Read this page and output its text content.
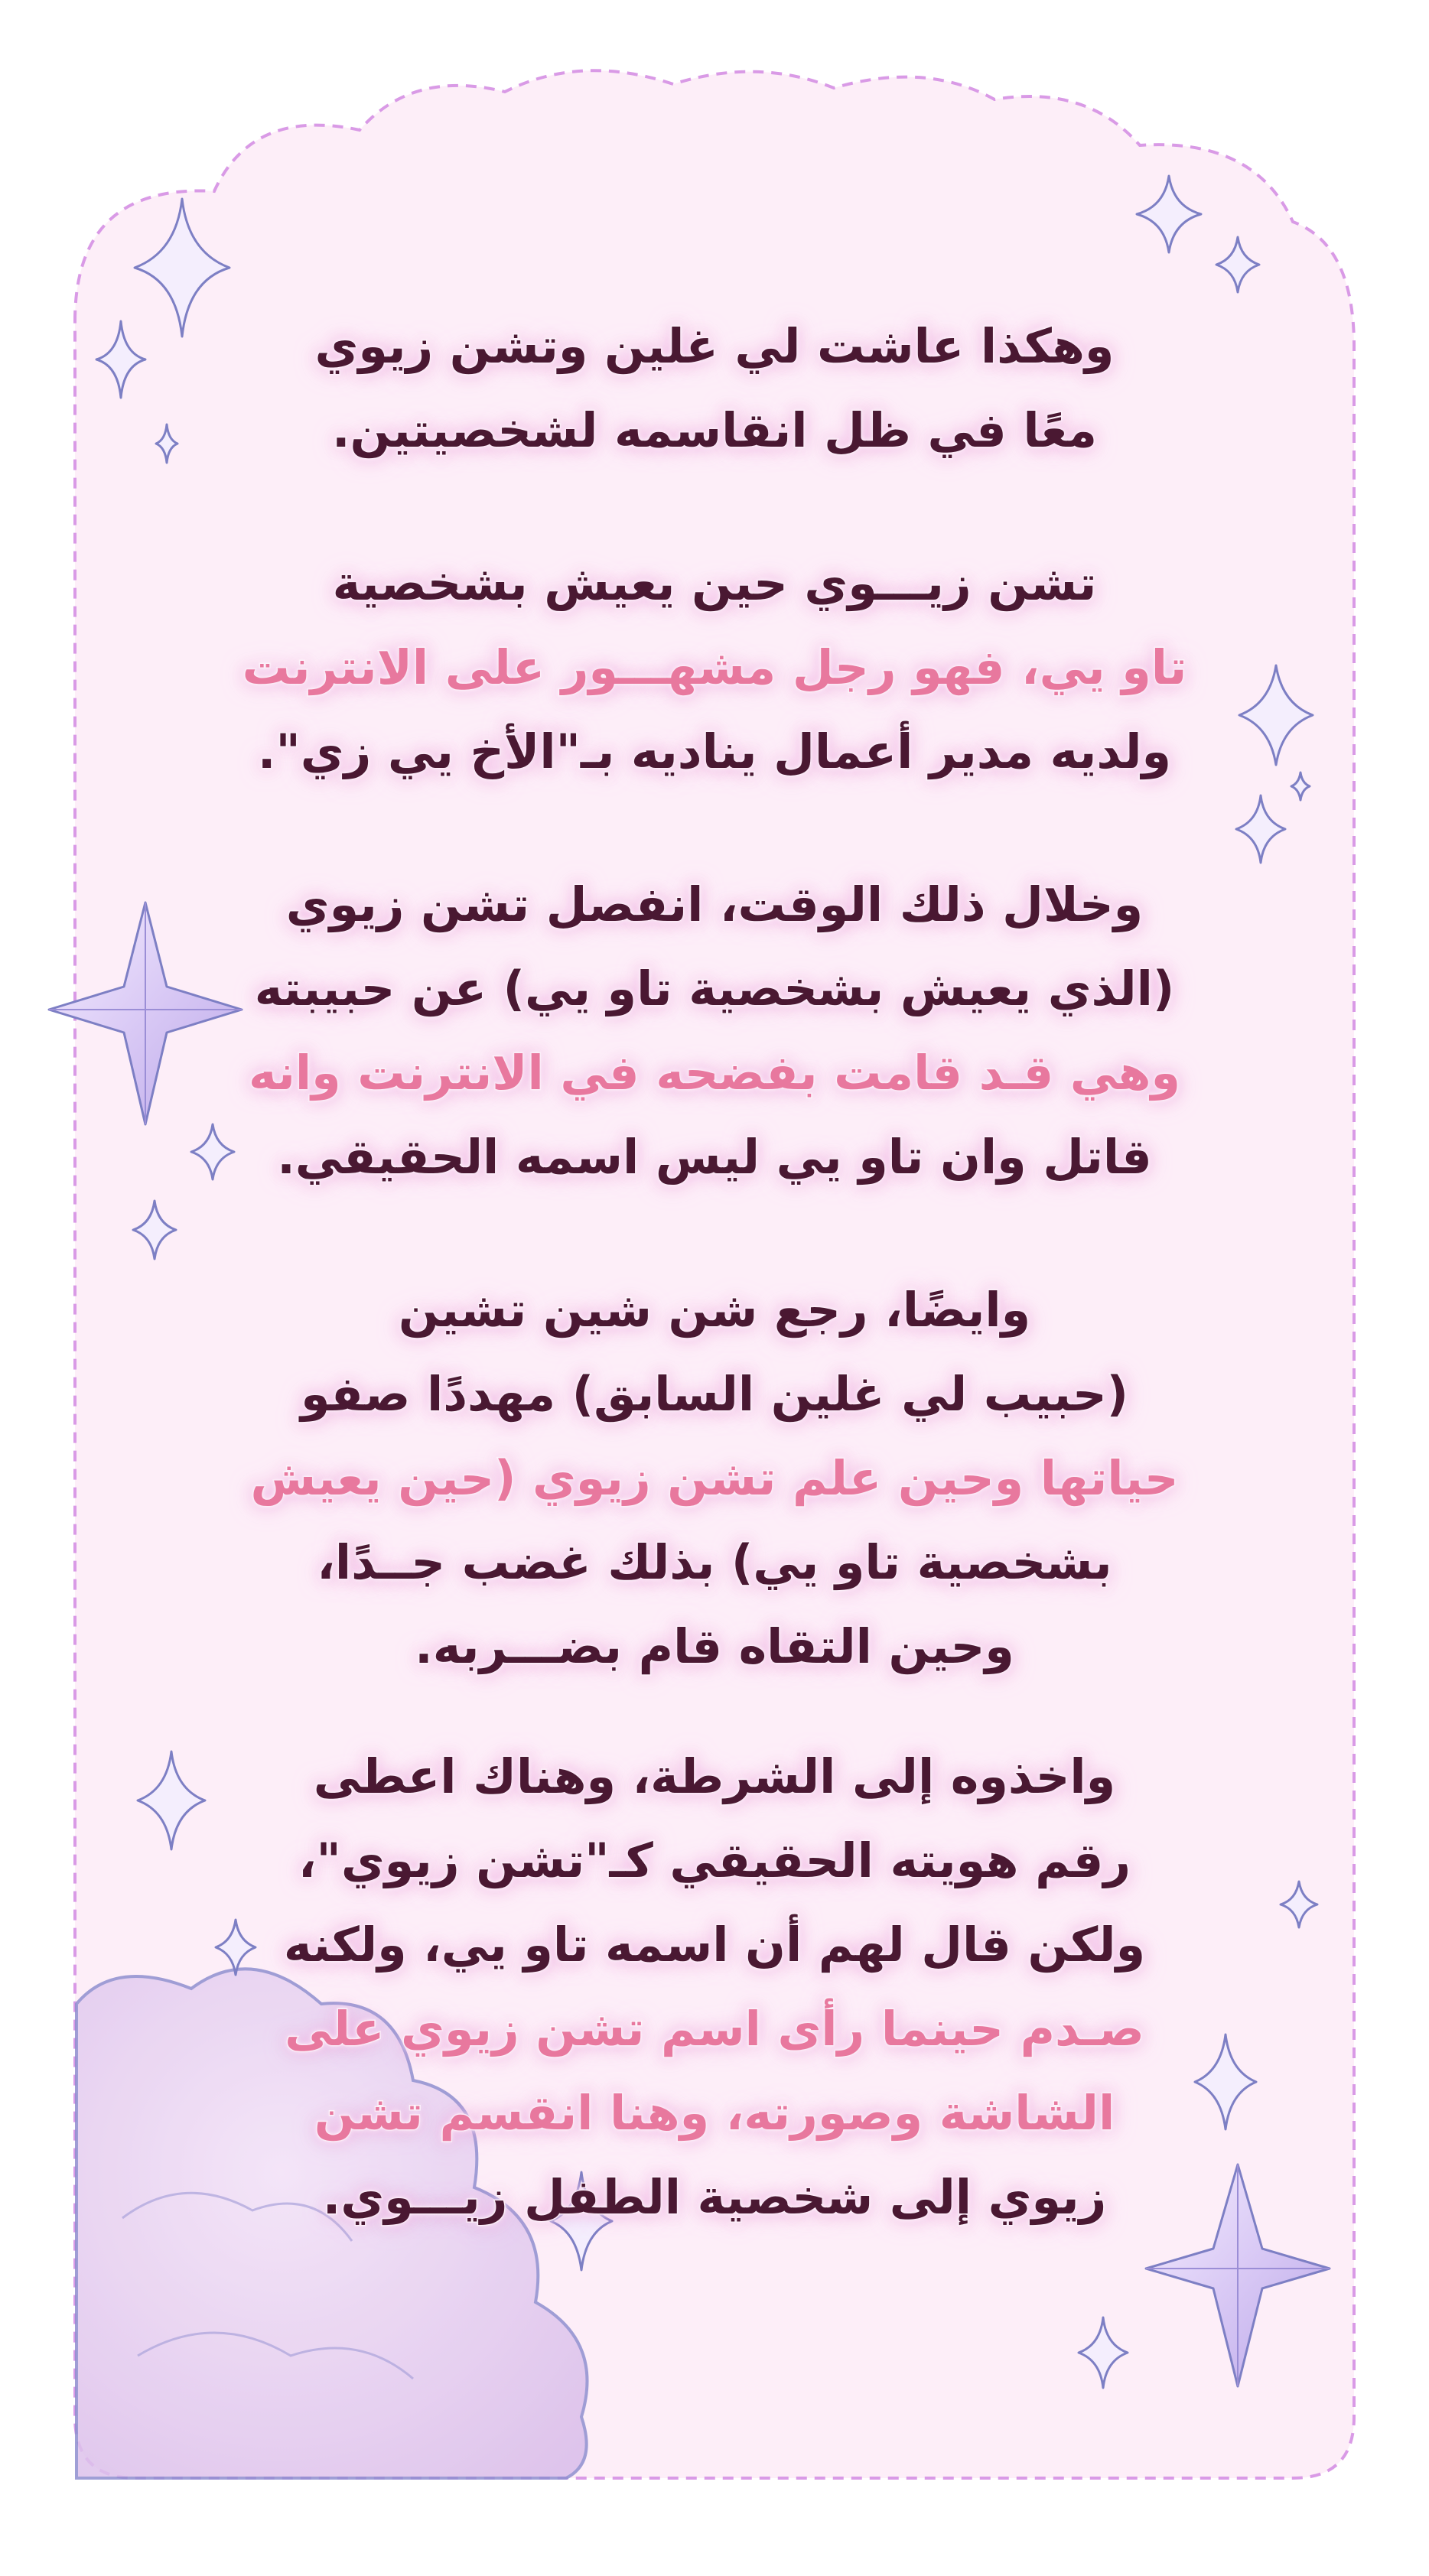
وهكذا عاشت لي غلين وتشن زيوي
معًا في ظل انقاسمه لشخصيتين.
تشن زيـــوي حين يعيش بشخصية
تاو يي، فهو رجل مشهـــور على الانترنت
ولديه مدير أعمال يناديه بـ"الأخ يي زي".
وخلال ذلك الوقت، انفصل تشن زيوي
(الذي يعيش بشخصية تاو يي) عن حبيبته
وهي قـد قامت بفضحه في الانترنت وانه
قاتل وان تاو يي ليس اسمه الحقيقي.
وايضًا، رجع شن شين تشين
(حبيب لي غلين السابق) مهددًا صفو
حياتها وحين علم تشن زيوي (حين يعيش
بشخصية تاو يي) بذلك غضب جــدًا،
وحين التقاه قام بضـــربه.
واخذوه إلى الشرطة، وهناك اعطى
رقم هويته الحقيقي كـ"تشن زيوي"،
ولكن قال لهم أن اسمه تاو يي، ولكنه
صـدم حينما رأى اسم تشن زيوي على
الشاشة وصورته، وهنا انقسم تشن
زيوي إلى شخصية الطفل زيـــوي.
